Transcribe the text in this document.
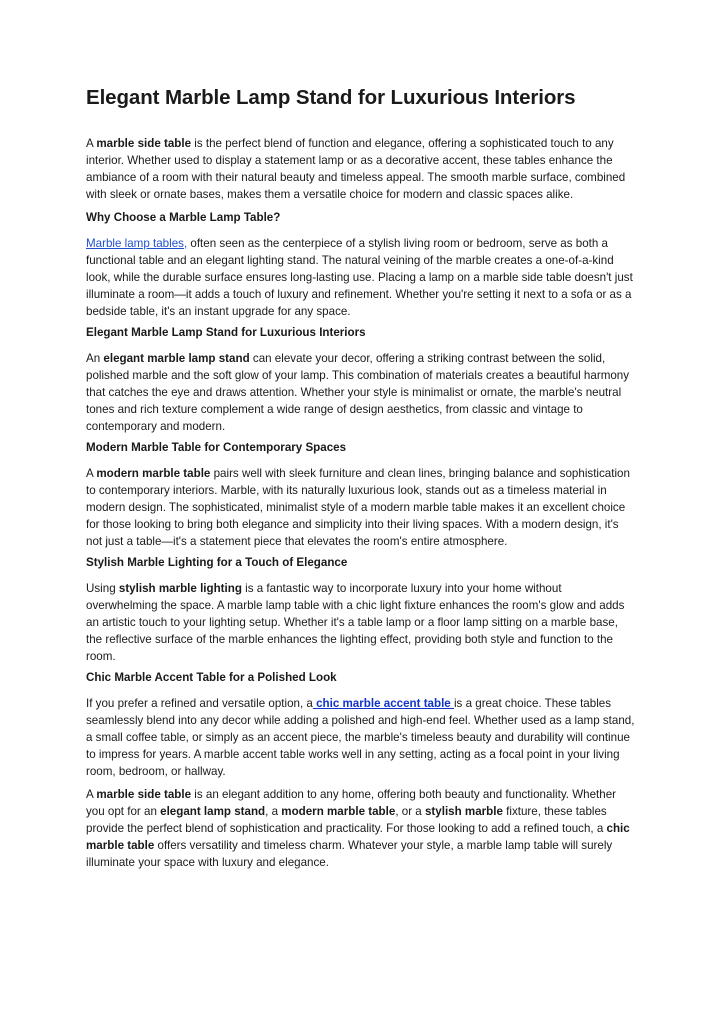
Elegant Marble Lamp Stand for Luxurious Interiors

A marble side table is the perfect blend of function and elegance, offering a sophisticated touch to any interior. Whether used to display a statement lamp or as a decorative accent, these tables enhance the ambiance of a room with their natural beauty and timeless appeal. The smooth marble surface, combined with sleek or ornate bases, makes them a versatile choice for modern and classic spaces alike.

Why Choose a Marble Lamp Table?

Marble lamp tables, often seen as the centerpiece of a stylish living room or bedroom, serve as both a functional table and an elegant lighting stand. The natural veining of the marble creates a one-of-a-kind look, while the durable surface ensures long-lasting use. Placing a lamp on a marble side table doesn't just illuminate a room—it adds a touch of luxury and refinement. Whether you're setting it next to a sofa or as a bedside table, it's an instant upgrade for any space.

Elegant Marble Lamp Stand for Luxurious Interiors

An elegant marble lamp stand can elevate your decor, offering a striking contrast between the solid, polished marble and the soft glow of your lamp. This combination of materials creates a beautiful harmony that catches the eye and draws attention. Whether your style is minimalist or ornate, the marble's neutral tones and rich texture complement a wide range of design aesthetics, from classic and vintage to contemporary and modern.

Modern Marble Table for Contemporary Spaces

A modern marble table pairs well with sleek furniture and clean lines, bringing balance and sophistication to contemporary interiors. Marble, with its naturally luxurious look, stands out as a timeless material in modern design. The sophisticated, minimalist style of a modern marble table makes it an excellent choice for those looking to bring both elegance and simplicity into their living spaces. With a modern design, it's not just a table—it's a statement piece that elevates the room's entire atmosphere.

Stylish Marble Lighting for a Touch of Elegance

Using stylish marble lighting is a fantastic way to incorporate luxury into your home without overwhelming the space. A marble lamp table with a chic light fixture enhances the room's glow and adds an artistic touch to your lighting setup. Whether it's a table lamp or a floor lamp sitting on a marble base, the reflective surface of the marble enhances the lighting effect, providing both style and function to the room.

Chic Marble Accent Table for a Polished Look

If you prefer a refined and versatile option, a chic marble accent table is a great choice. These tables seamlessly blend into any decor while adding a polished and high-end feel. Whether used as a lamp stand, a small coffee table, or simply as an accent piece, the marble's timeless beauty and durability will continue to impress for years. A marble accent table works well in any setting, acting as a focal point in your living room, bedroom, or hallway.

A marble side table is an elegant addition to any home, offering both beauty and functionality. Whether you opt for an elegant lamp stand, a modern marble table, or a stylish marble fixture, these tables provide the perfect blend of sophistication and practicality. For those looking to add a refined touch, a chic marble table offers versatility and timeless charm. Whatever your style, a marble lamp table will surely illuminate your space with luxury and elegance.
